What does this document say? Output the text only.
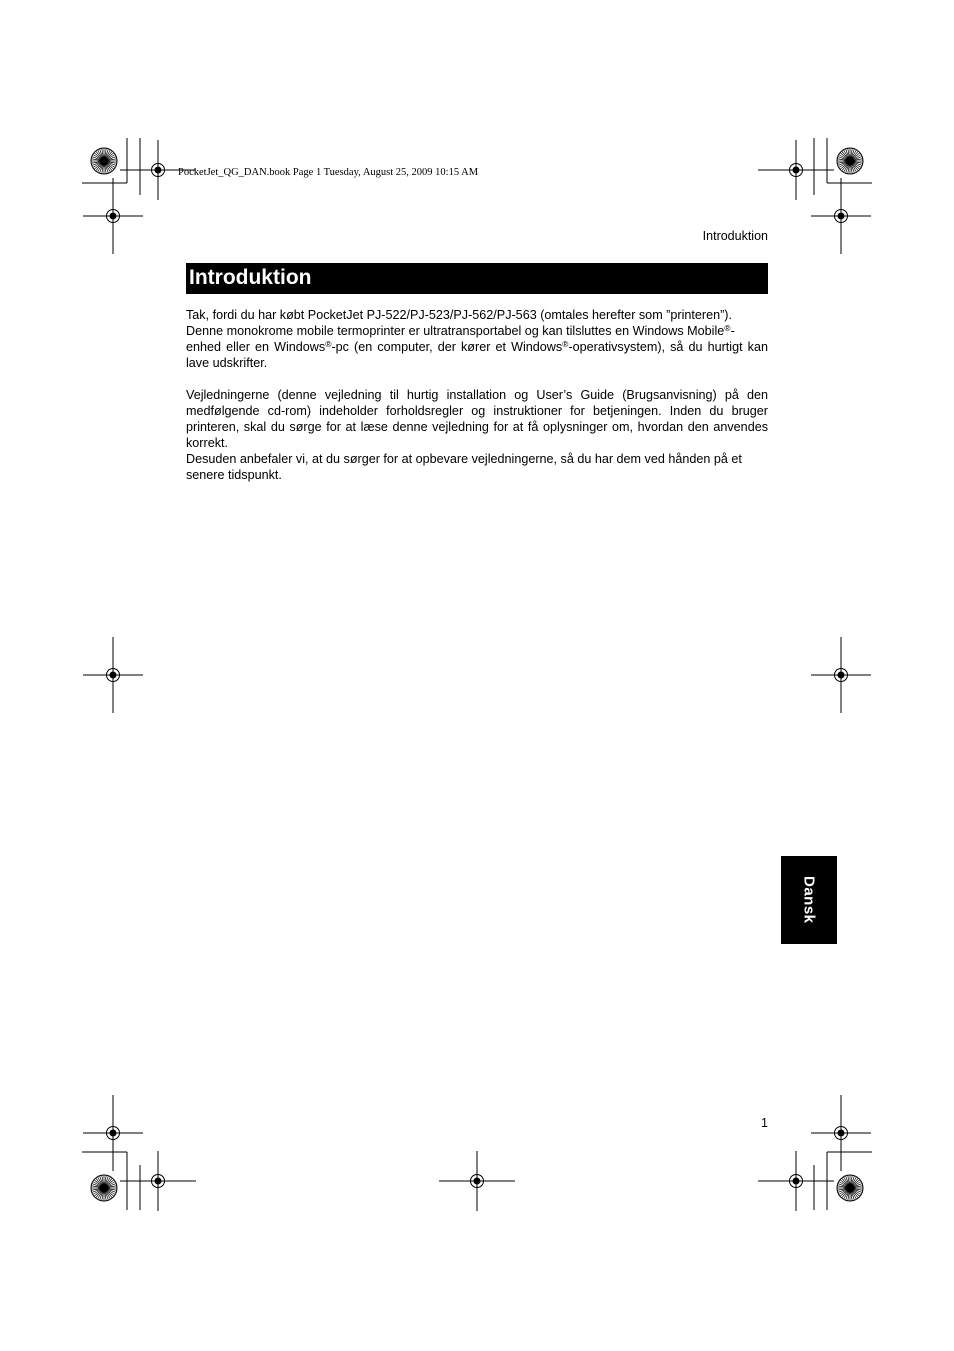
PocketJet_QG_DAN.book Page 1 Tuesday, August 25, 2009 10:15 AM
Introduktion
Introduktion

Tak, fordi du har købt PocketJet PJ-522/PJ-523/PJ-562/PJ-563 (omtales herefter som ”printeren”).
Denne monokrome mobile termoprinter er ultratransportabel og kan tilsluttes en Windows Mobile®-
enhed eller en Windows®-pc (en computer, der kører et Windows®-operativsystem), så du hurtigt kan lave udskrifter.

Vejledningerne (denne vejledning til hurtig installation og User’s Guide (Brugsanvisning) på den medfølgende cd-rom) indeholder forholdsregler og instruktioner for betjeningen. Inden du bruger printeren, skal du sørge for at læse denne vejledning for at få oplysninger om, hvordan den anvendes korrekt.

Desuden anbefaler vi, at du sørger for at opbevare vejledningerne, så du har dem ved hånden på et senere tidspunkt.

Dansk
1
